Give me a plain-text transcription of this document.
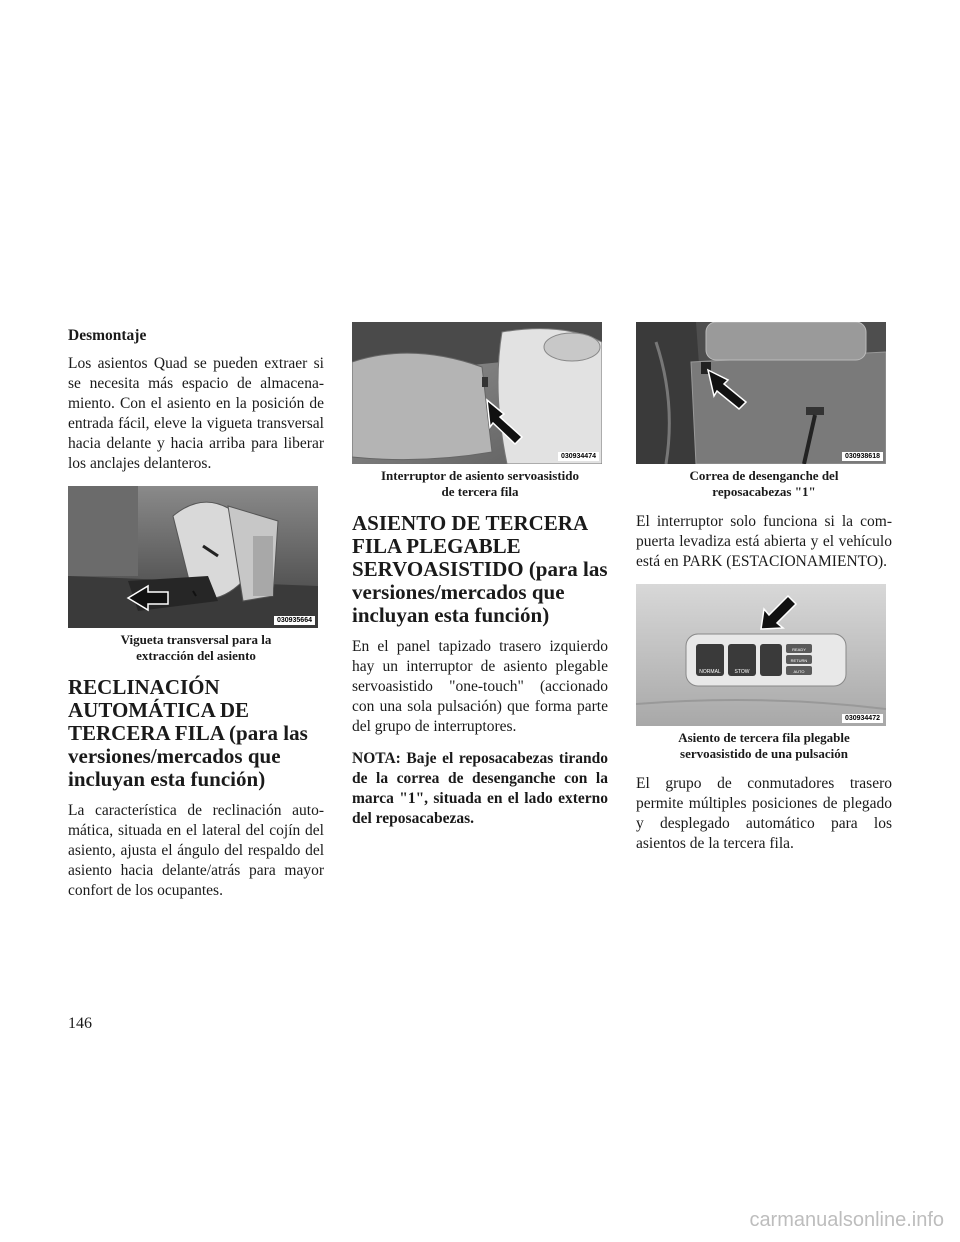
Desmontaje

Los asientos Quad se pueden extraer si se necesita más espacio de almacenamiento. Con el asiento en la posición de entrada fácil, eleve la vigueta transversal hacia delante y hacia arriba para liberar los anclajes delanteros.

030935664
Vigueta transversal para la
extracción del asiento
RECLINACIÓN AUTOMÁTICA DE TERCERA FILA (para las versiones/mercados que incluyan esta función)

La característica de reclinación automática, situada en el lateral del cojín del asiento, ajusta el ángulo del respaldo del asiento hacia delante/atrás para mayor confort de los ocupantes.

030934474
Interruptor de asiento servoasistido
de tercera fila
ASIENTO DE TERCERA FILA PLEGABLE SERVOASISTIDO (para las versiones/mercados que incluyan esta función)

En el panel tapizado trasero izquierdo hay un interruptor de asiento plegable servoasistido "one-touch" (accionado con una sola pulsación) que forma parte del grupo de interruptores.

NOTA: Baje el reposacabezas tirando de la correa de desenganche con la marca "1", situada en el lado externo del reposacabezas.

030938618
Correa de desenganche del
reposacabezas "1"

El interruptor solo funciona si la compuerta levadiza está abierta y el vehículo está en PARK (ESTACIONAMIENTO).

NORMAL	STOW
READY
RETURN
AUTO
030934472
Asiento de tercera fila plegable
servoasistido de una pulsación

El grupo de conmutadores trasero permite múltiples posiciones de plegado y desplegado automático para los asientos de la tercera fila.

146
carmanualsonline.info
